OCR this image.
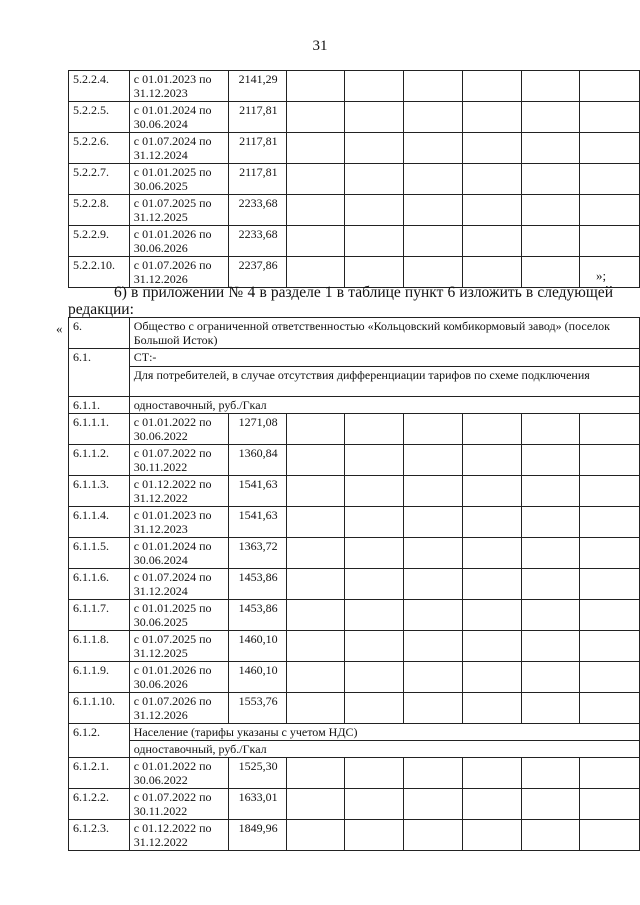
31
5.2.2.4.	с 01.01.2023 по 31.12.2023	2141,29						
5.2.2.5.	с 01.01.2024 по 30.06.2024	2117,81						
5.2.2.6.	с 01.07.2024 по 31.12.2024	2117,81						
5.2.2.7.	с 01.01.2025 по 30.06.2025	2117,81						
5.2.2.8.	с 01.07.2025 по 31.12.2025	2233,68						
5.2.2.9.	с 01.01.2026 по 30.06.2026	2233,68						
5.2.2.10.	с 01.07.2026 по 31.12.2026	2237,86						
»;
6) в приложении № 4 в разделе 1 в таблице пункт 6 изложить в следующей редакции:
« 6.	Общество с ограниченной ответственностью «Кольцовский комбикормовый завод» (поселок Большой Исток)							
6.1.	СТ:-							
	Для потребителей, в случае отсутствия дифференциации тарифов по схеме подключения							
6.1.1.	одноставочный, руб./Гкал							
6.1.1.1.	с 01.01.2022 по 30.06.2022	1271,08						
6.1.1.2.	с 01.07.2022 по 30.11.2022	1360,84						
6.1.1.3.	с 01.12.2022 по 31.12.2022	1541,63						
6.1.1.4.	с 01.01.2023 по 31.12.2023	1541,63						
6.1.1.5.	с 01.01.2024 по 30.06.2024	1363,72						
6.1.1.6.	с 01.07.2024 по 31.12.2024	1453,86						
6.1.1.7.	с 01.01.2025 по 30.06.2025	1453,86						
6.1.1.8.	с 01.07.2025 по 31.12.2025	1460,10						
6.1.1.9.	с 01.01.2026 по 30.06.2026	1460,10						
6.1.1.10.	с 01.07.2026 по 31.12.2026	1553,76						
6.1.2.	Население (тарифы указаны с учетом НДС)							
	одноставочный, руб./Гкал							
6.1.2.1.	с 01.01.2022 по 30.06.2022	1525,30						
6.1.2.2.	с 01.07.2022 по 30.11.2022	1633,01						
6.1.2.3.	с 01.12.2022 по 31.12.2022	1849,96						
